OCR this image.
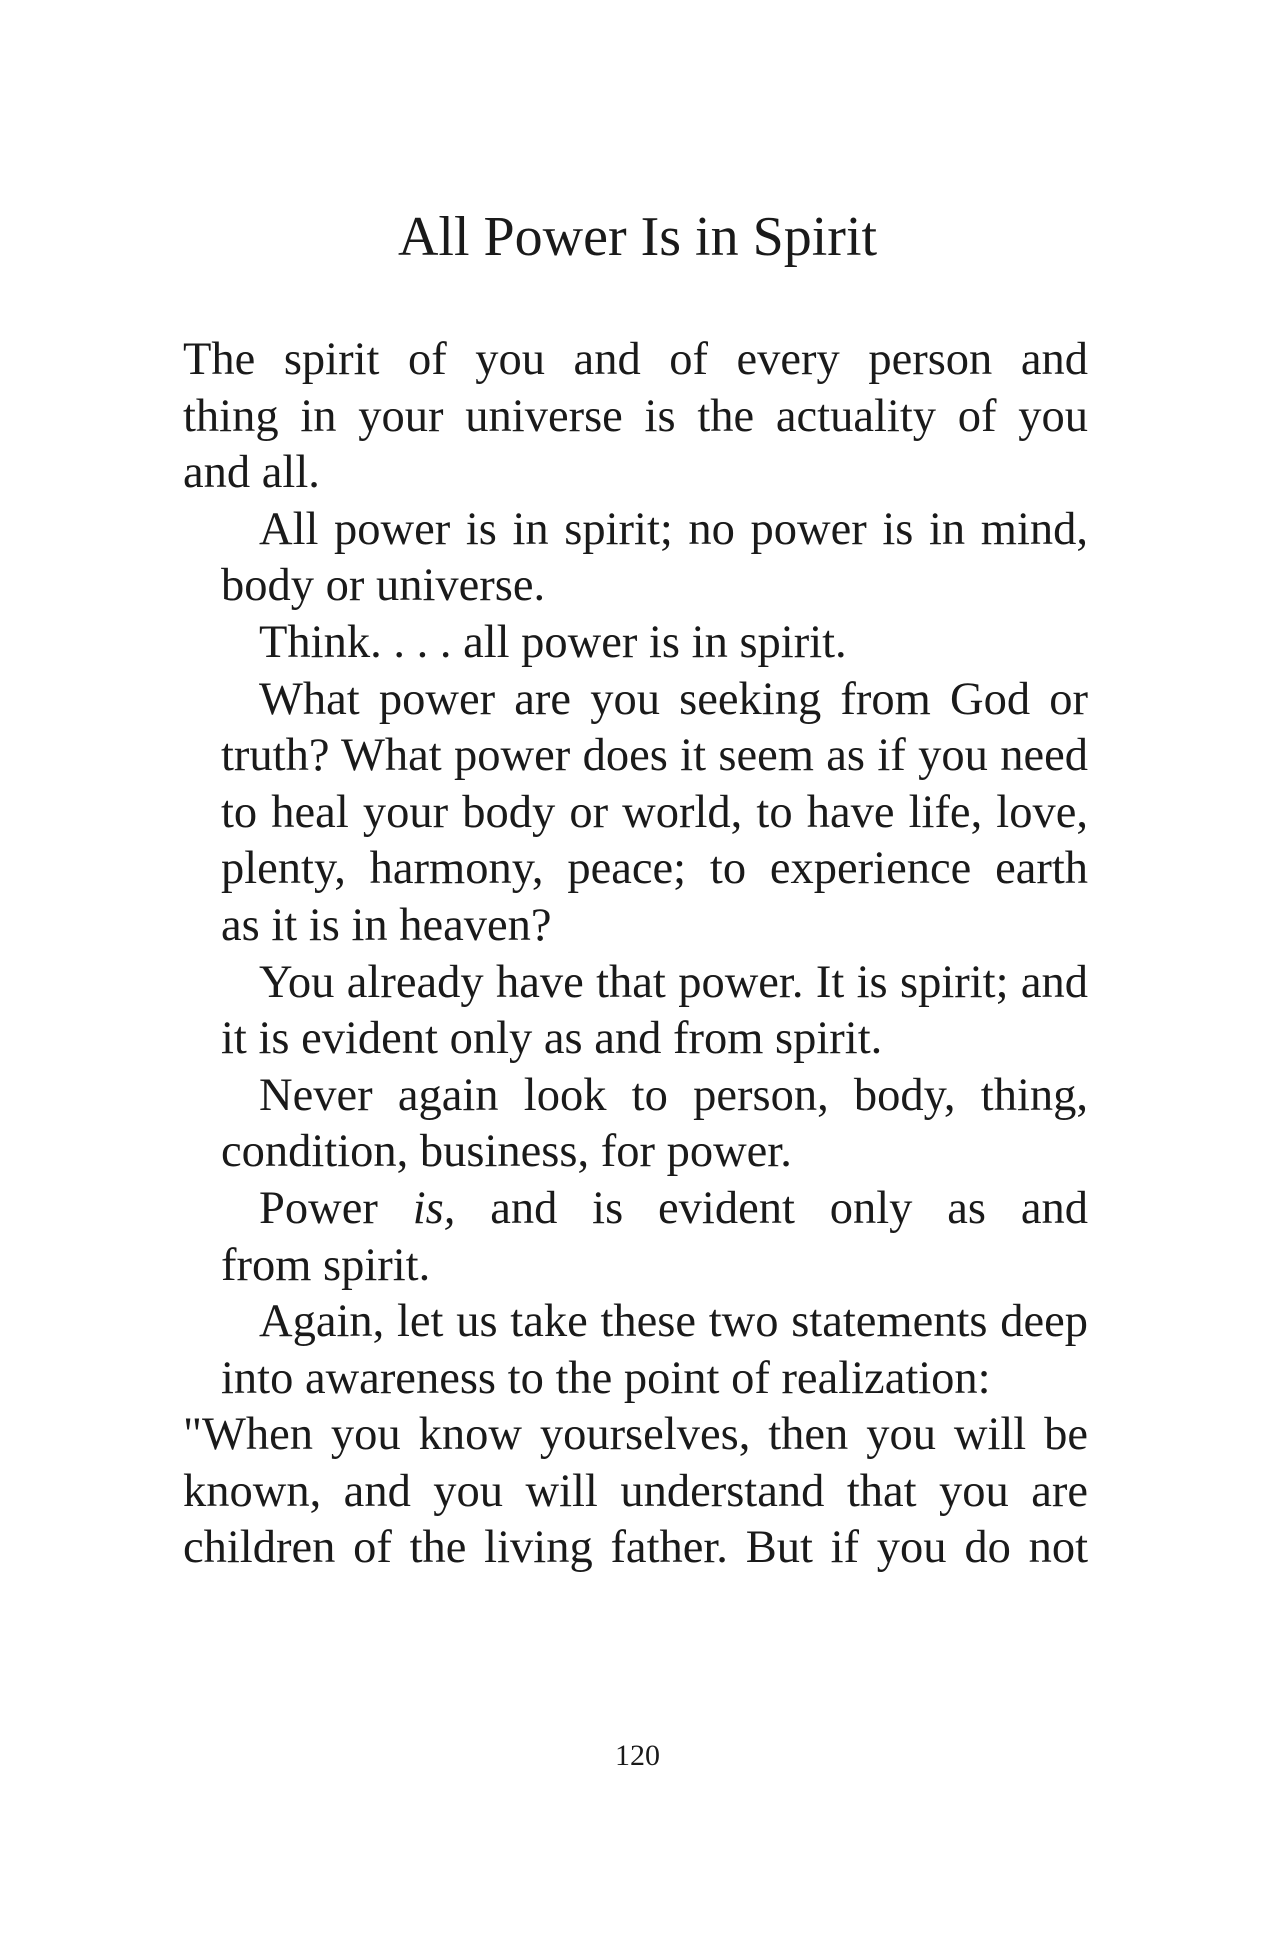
All Power Is in Spirit

The spirit of you and of every person and
thing in your universe is the actuality of you
and all.

All power is in spirit; no power is in mind,
body or universe.

Think. . . . all power is in spirit.

What power are you seeking from God or
truth? What power does it seem as if you need
to heal your body or world, to have life, love,
plenty, harmony, peace; to experience earth
as it is in heaven?

You already have that power. It is spirit; and
it is evident only as and from spirit.

Never again look to person, body, thing,
condition, business, for power.

Power is, and is evident only as and
from spirit.

Again, let us take these two statements deep
into awareness to the point of realization:

"When you know yourselves, then you will be
known, and you will understand that you are
children of the living father. But if you do not

120
